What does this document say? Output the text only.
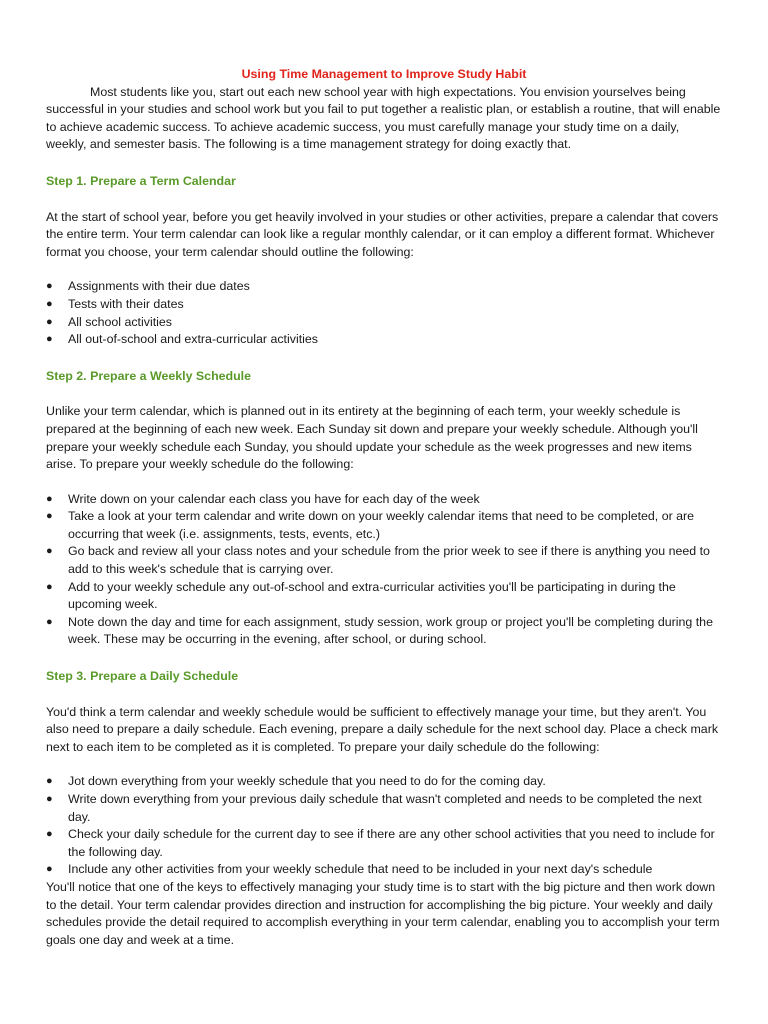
Using Time Management to Improve Study Habit

Most students like you, start out each new school year with high expectations. You envision yourselves being successful in your studies and school work but you fail to put together a realistic plan, or establish a routine, that will enable to achieve academic success. To achieve academic success, you must carefully manage your study time on a daily, weekly, and semester basis. The following is a time management strategy for doing exactly that.

Step 1. Prepare a Term Calendar

At the start of school year, before you get heavily involved in your studies or other activities, prepare a calendar that covers the entire term. Your term calendar can look like a regular monthly calendar, or it can employ a different format. Whichever format you choose, your term calendar should outline the following:

●	Assignments with their due dates
●	Tests with their dates
●	All school activities
●	All out-of-school and extra-curricular activities

Step 2. Prepare a Weekly Schedule

Unlike your term calendar, which is planned out in its entirety at the beginning of each term, your weekly schedule is prepared at the beginning of each new week. Each Sunday sit down and prepare your weekly schedule. Although you'll prepare your weekly schedule each Sunday, you should update your schedule as the week progresses and new items arise. To prepare your weekly schedule do the following:

●	Write down on your calendar each class you have for each day of the week
●	Take a look at your term calendar and write down on your weekly calendar items that need to be completed, or are occurring that week (i.e. assignments, tests, events, etc.)
●	Go back and review all your class notes and your schedule from the prior week to see if there is anything you need to add to this week's schedule that is carrying over.
●	Add to your weekly schedule any out-of-school and extra-curricular activities you'll be participating in during the upcoming week.
●	Note down the day and time for each assignment, study session, work group or project you'll be completing during the week. These may be occurring in the evening, after school, or during school.

Step 3. Prepare a Daily Schedule

You'd think a term calendar and weekly schedule would be sufficient to effectively manage your time, but they aren't. You also need to prepare a daily schedule. Each evening, prepare a daily schedule for the next school day. Place a check mark next to each item to be completed as it is completed. To prepare your daily schedule do the following:

●	Jot down everything from your weekly schedule that you need to do for the coming day.
●	Write down everything from your previous daily schedule that wasn't completed and needs to be completed the next day.
●	Check your daily schedule for the current day to see if there are any other school activities that you need to include for the following day.
●	Include any other activities from your weekly schedule that need to be included in your next day's schedule

You'll notice that one of the keys to effectively managing your study time is to start with the big picture and then work down to the detail. Your term calendar provides direction and instruction for accomplishing the big picture. Your weekly and daily schedules provide the detail required to accomplish everything in your term calendar, enabling you to accomplish your term goals one day and week at a time.
